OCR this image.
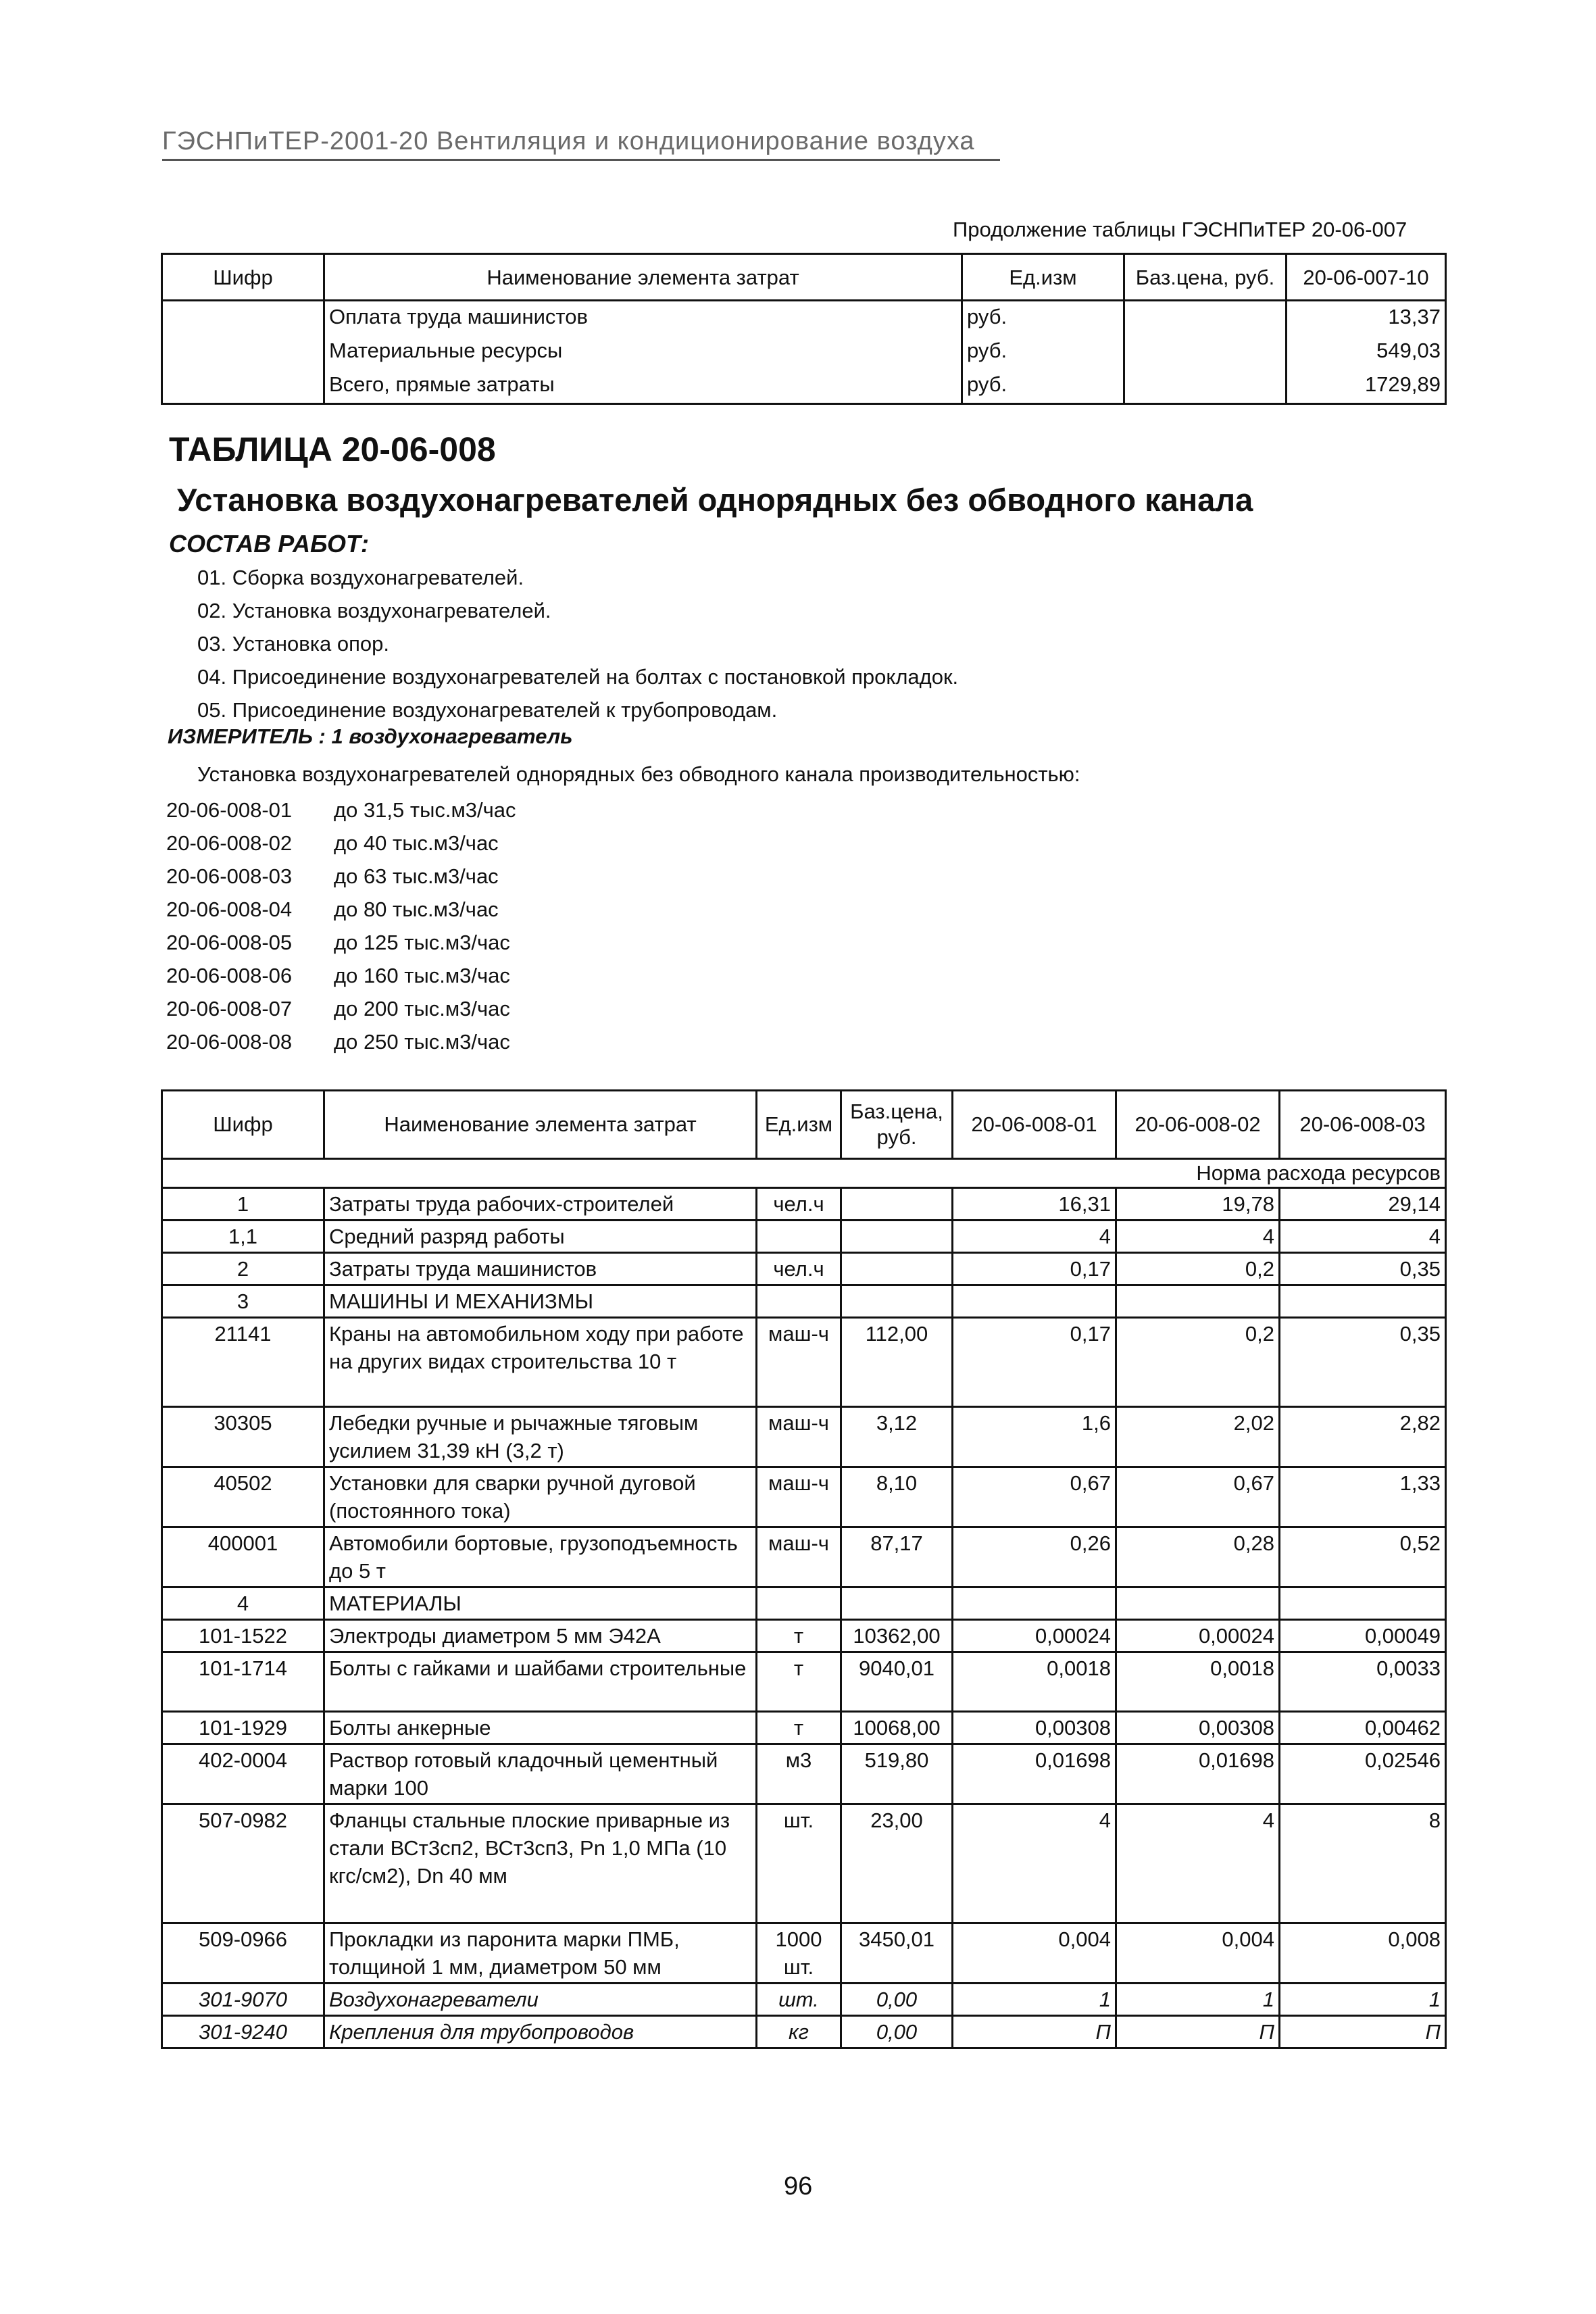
ГЭСНПиТЕР-2001-20 Вентиляция и кондиционирование воздуха
Продолжение таблицы ГЭСНПиТЕР 20-06-007
Шифр	Наименование элемента затрат	Ед.изм	Баз.цена, руб.	20-06-007-10
	Оплата труда машинистов	руб.		13,37
	Материальные ресурсы	руб.		549,03
	Всего, прямые затраты	руб.		1729,89
ТАБЛИЦА 20-06-008
Установка воздухонагревателей однорядных без обводного канала
СОСТАВ РАБОТ:
01. Сборка воздухонагревателей.
02. Установка воздухонагревателей.
03. Установка опор.
04. Присоединение воздухонагревателей на болтах с постановкой прокладок.
05. Присоединение воздухонагревателей к трубопроводам.
ИЗМЕРИТЕЛЬ : 1 воздухонагреватель
Установка воздухонагревателей однорядных без обводного канала производительностью:
20-06-008-01	до 31,5 тыс.м3/час
20-06-008-02	до 40 тыс.м3/час
20-06-008-03	до 63 тыс.м3/час
20-06-008-04	до 80 тыс.м3/час
20-06-008-05	до 125 тыс.м3/час
20-06-008-06	до 160 тыс.м3/час
20-06-008-07	до 200 тыс.м3/час
20-06-008-08	до 250 тыс.м3/час
Шифр	Наименование элемента затрат	Ед.изм	Баз.цена, руб.	20-06-008-01	20-06-008-02	20-06-008-03
Норма расхода ресурсов						
1	Затраты труда рабочих-строителей	чел.ч		16,31	19,78	29,14
1,1	Средний разряд работы			4	4	4
2	Затраты труда машинистов	чел.ч		0,17	0,2	0,35
3	МАШИНЫ И МЕХАНИЗМЫ					
21141	Краны на автомобильном ходу при работе на других видах строительства 10 т	маш-ч	112,00	0,17	0,2	0,35
30305	Лебедки ручные и рычажные тяговым усилием 31,39 кН (3,2 т)	маш-ч	3,12	1,6	2,02	2,82
40502	Установки для сварки ручной дуговой (постоянного тока)	маш-ч	8,10	0,67	0,67	1,33
400001	Автомобили бортовые, грузоподъемность до 5 т	маш-ч	87,17	0,26	0,28	0,52
4	МАТЕРИАЛЫ					
101-1522	Электроды диаметром 5 мм Э42А	т	10362,00	0,00024	0,00024	0,00049
101-1714	Болты с гайками и шайбами строительные	т	9040,01	0,0018	0,0018	0,0033
101-1929	Болты анкерные	т	10068,00	0,00308	0,00308	0,00462
402-0004	Раствор готовый кладочный цементный марки 100	м3	519,80	0,01698	0,01698	0,02546
507-0982	Фланцы стальные плоские приварные из стали ВСт3сп2, ВСт3сп3, Pn 1,0 МПа (10 кгс/см2), Dn 40 мм	шт.	23,00	4	4	8
509-0966	Прокладки из паронита марки ПМБ, толщиной 1 мм, диаметром 50 мм	1000 шт.	3450,01	0,004	0,004	0,008
301-9070	Воздухонагреватели	шт.	0,00	1	1	1
301-9240	Крепления для трубопроводов	кг	0,00	П	П	П
96
